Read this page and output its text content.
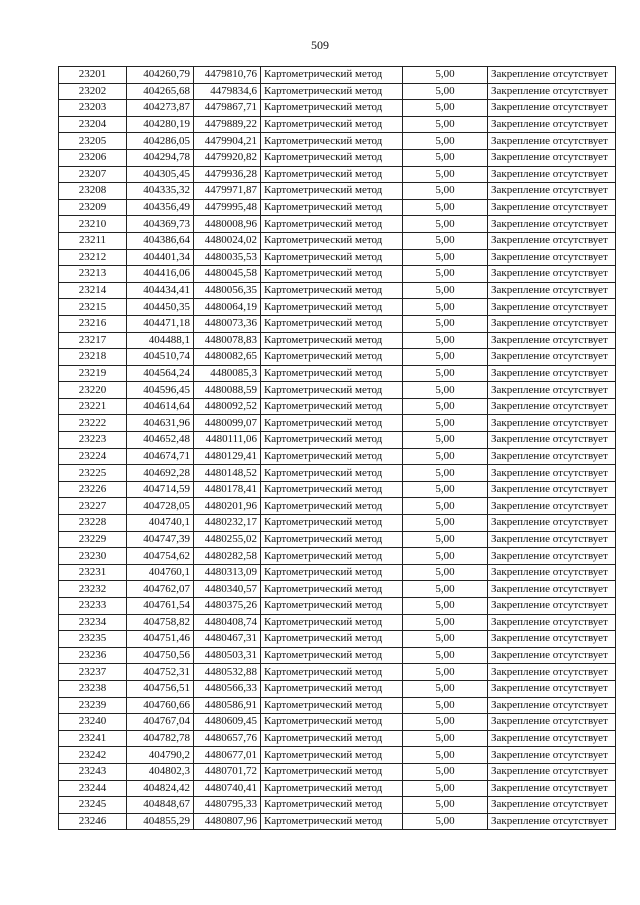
509
23201	404260,79	4479810,76	Картометрический метод	5,00	Закрепление отсутствует
23202	404265,68	4479834,6	Картометрический метод	5,00	Закрепление отсутствует
23203	404273,87	4479867,71	Картометрический метод	5,00	Закрепление отсутствует
23204	404280,19	4479889,22	Картометрический метод	5,00	Закрепление отсутствует
23205	404286,05	4479904,21	Картометрический метод	5,00	Закрепление отсутствует
23206	404294,78	4479920,82	Картометрический метод	5,00	Закрепление отсутствует
23207	404305,45	4479936,28	Картометрический метод	5,00	Закрепление отсутствует
23208	404335,32	4479971,87	Картометрический метод	5,00	Закрепление отсутствует
23209	404356,49	4479995,48	Картометрический метод	5,00	Закрепление отсутствует
23210	404369,73	4480008,96	Картометрический метод	5,00	Закрепление отсутствует
23211	404386,64	4480024,02	Картометрический метод	5,00	Закрепление отсутствует
23212	404401,34	4480035,53	Картометрический метод	5,00	Закрепление отсутствует
23213	404416,06	4480045,58	Картометрический метод	5,00	Закрепление отсутствует
23214	404434,41	4480056,35	Картометрический метод	5,00	Закрепление отсутствует
23215	404450,35	4480064,19	Картометрический метод	5,00	Закрепление отсутствует
23216	404471,18	4480073,36	Картометрический метод	5,00	Закрепление отсутствует
23217	404488,1	4480078,83	Картометрический метод	5,00	Закрепление отсутствует
23218	404510,74	4480082,65	Картометрический метод	5,00	Закрепление отсутствует
23219	404564,24	4480085,3	Картометрический метод	5,00	Закрепление отсутствует
23220	404596,45	4480088,59	Картометрический метод	5,00	Закрепление отсутствует
23221	404614,64	4480092,52	Картометрический метод	5,00	Закрепление отсутствует
23222	404631,96	4480099,07	Картометрический метод	5,00	Закрепление отсутствует
23223	404652,48	4480111,06	Картометрический метод	5,00	Закрепление отсутствует
23224	404674,71	4480129,41	Картометрический метод	5,00	Закрепление отсутствует
23225	404692,28	4480148,52	Картометрический метод	5,00	Закрепление отсутствует
23226	404714,59	4480178,41	Картометрический метод	5,00	Закрепление отсутствует
23227	404728,05	4480201,96	Картометрический метод	5,00	Закрепление отсутствует
23228	404740,1	4480232,17	Картометрический метод	5,00	Закрепление отсутствует
23229	404747,39	4480255,02	Картометрический метод	5,00	Закрепление отсутствует
23230	404754,62	4480282,58	Картометрический метод	5,00	Закрепление отсутствует
23231	404760,1	4480313,09	Картометрический метод	5,00	Закрепление отсутствует
23232	404762,07	4480340,57	Картометрический метод	5,00	Закрепление отсутствует
23233	404761,54	4480375,26	Картометрический метод	5,00	Закрепление отсутствует
23234	404758,82	4480408,74	Картометрический метод	5,00	Закрепление отсутствует
23235	404751,46	4480467,31	Картометрический метод	5,00	Закрепление отсутствует
23236	404750,56	4480503,31	Картометрический метод	5,00	Закрепление отсутствует
23237	404752,31	4480532,88	Картометрический метод	5,00	Закрепление отсутствует
23238	404756,51	4480566,33	Картометрический метод	5,00	Закрепление отсутствует
23239	404760,66	4480586,91	Картометрический метод	5,00	Закрепление отсутствует
23240	404767,04	4480609,45	Картометрический метод	5,00	Закрепление отсутствует
23241	404782,78	4480657,76	Картометрический метод	5,00	Закрепление отсутствует
23242	404790,2	4480677,01	Картометрический метод	5,00	Закрепление отсутствует
23243	404802,3	4480701,72	Картометрический метод	5,00	Закрепление отсутствует
23244	404824,42	4480740,41	Картометрический метод	5,00	Закрепление отсутствует
23245	404848,67	4480795,33	Картометрический метод	5,00	Закрепление отсутствует
23246	404855,29	4480807,96	Картометрический метод	5,00	Закрепление отсутствует
